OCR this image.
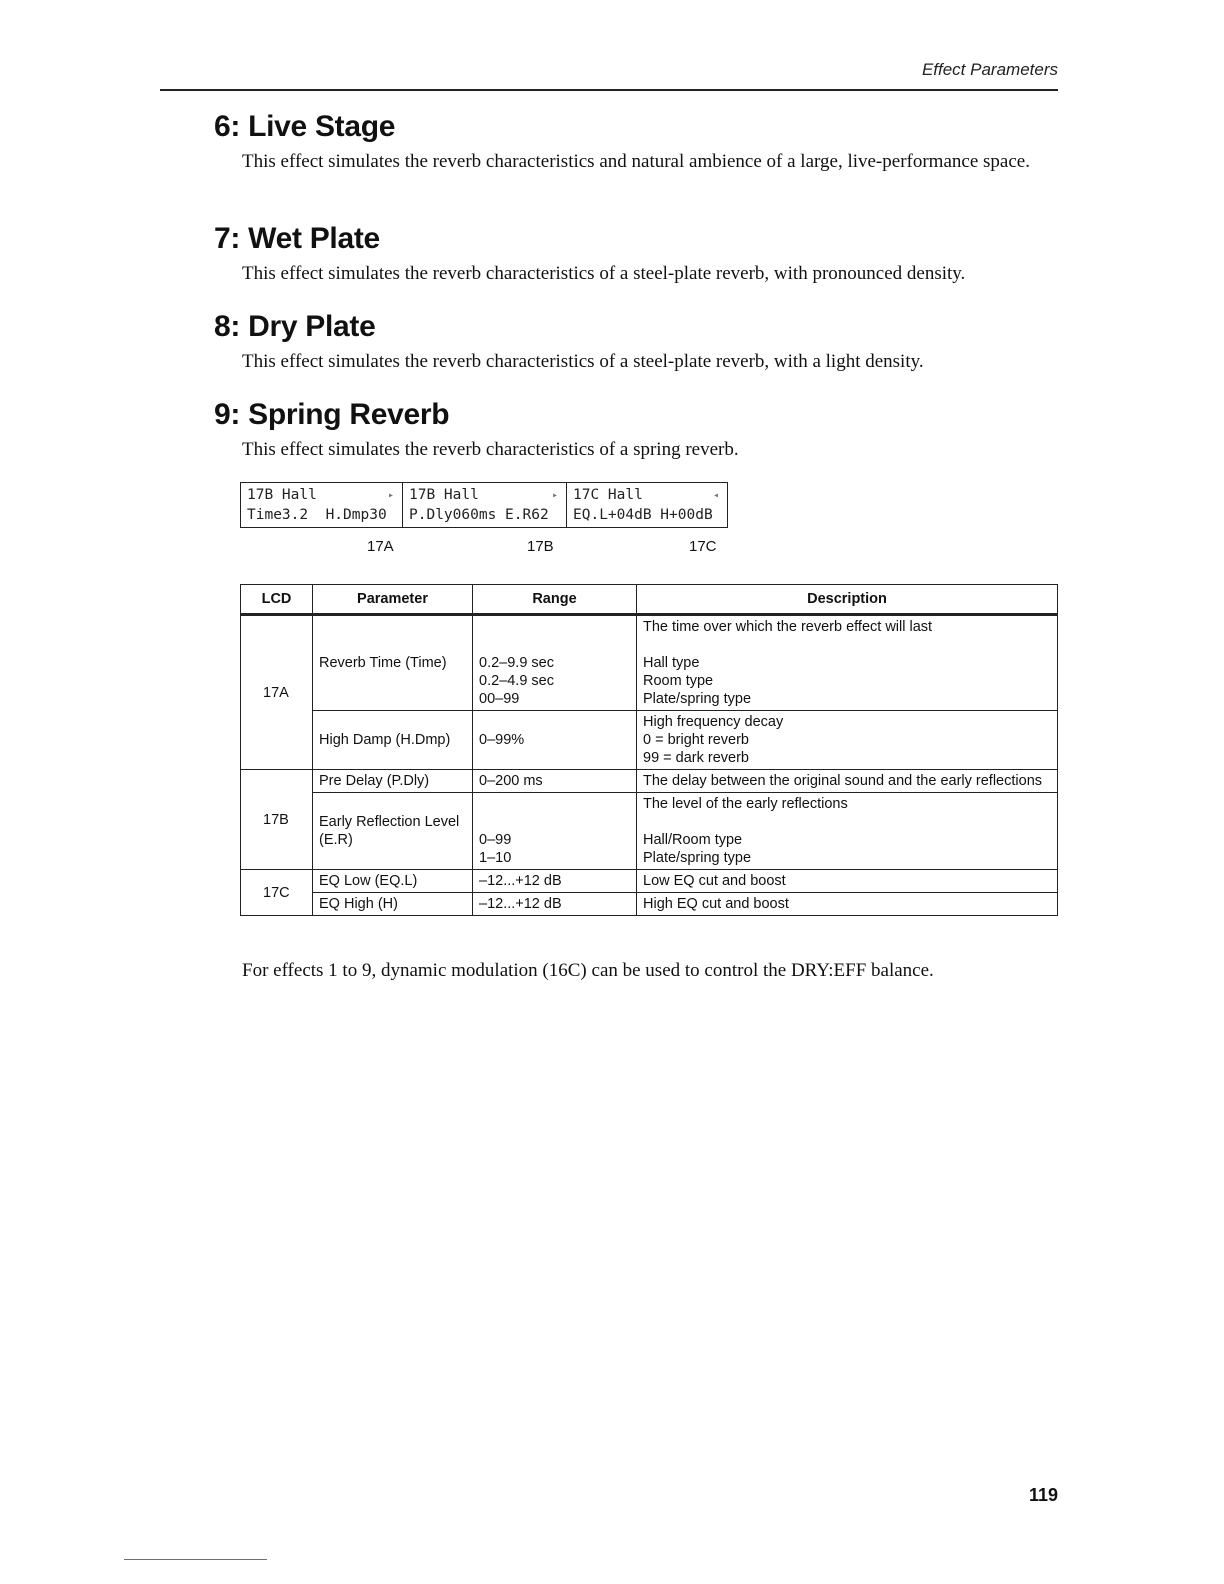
Effect Parameters
6: Live Stage

This effect simulates the reverb characteristics and natural ambience of a large, live-performance space.

7: Wet Plate

This effect simulates the reverb characteristics of a steel-plate reverb, with pronounced density.

8: Dry Plate

This effect simulates the reverb characteristics of a steel-plate reverb, with a light density.

9: Spring Reverb

This effect simulates the reverb characteristics of a spring reverb.

17B Hall
Time3.2  H.Dmp30
▸ 17B Hall
P.Dly060ms E.R62
▸ 17C Hall
EQ.L+04dB H+00dB
◂
17A	17B	17C
LCD	Parameter	Range	Description
17A	Reverb Time (Time)	0.2–9.9 sec
0.2–4.9 sec
00–99	The time over which the reverb effect will last
Hall type
Room type
Plate/spring type

	High Damp (H.Dmp)	0–99%	High frequency decay
0 = bright reverb
99 = dark reverb

17B	Pre Delay (P.Dly)	0–200 ms	The delay between the original sound and the early reflections

	Early Reflection Level
(E.R)	0–99
1–10	The level of the early reflections
Hall/Room type
Plate/spring type

17C	EQ Low (EQ.L)	–12...+12 dB	Low EQ cut and boost
	EQ High (H)	–12...+12 dB	High EQ cut and boost
For effects 1 to 9, dynamic modulation (16C) can be used to control the DRY:EFF balance.
119
